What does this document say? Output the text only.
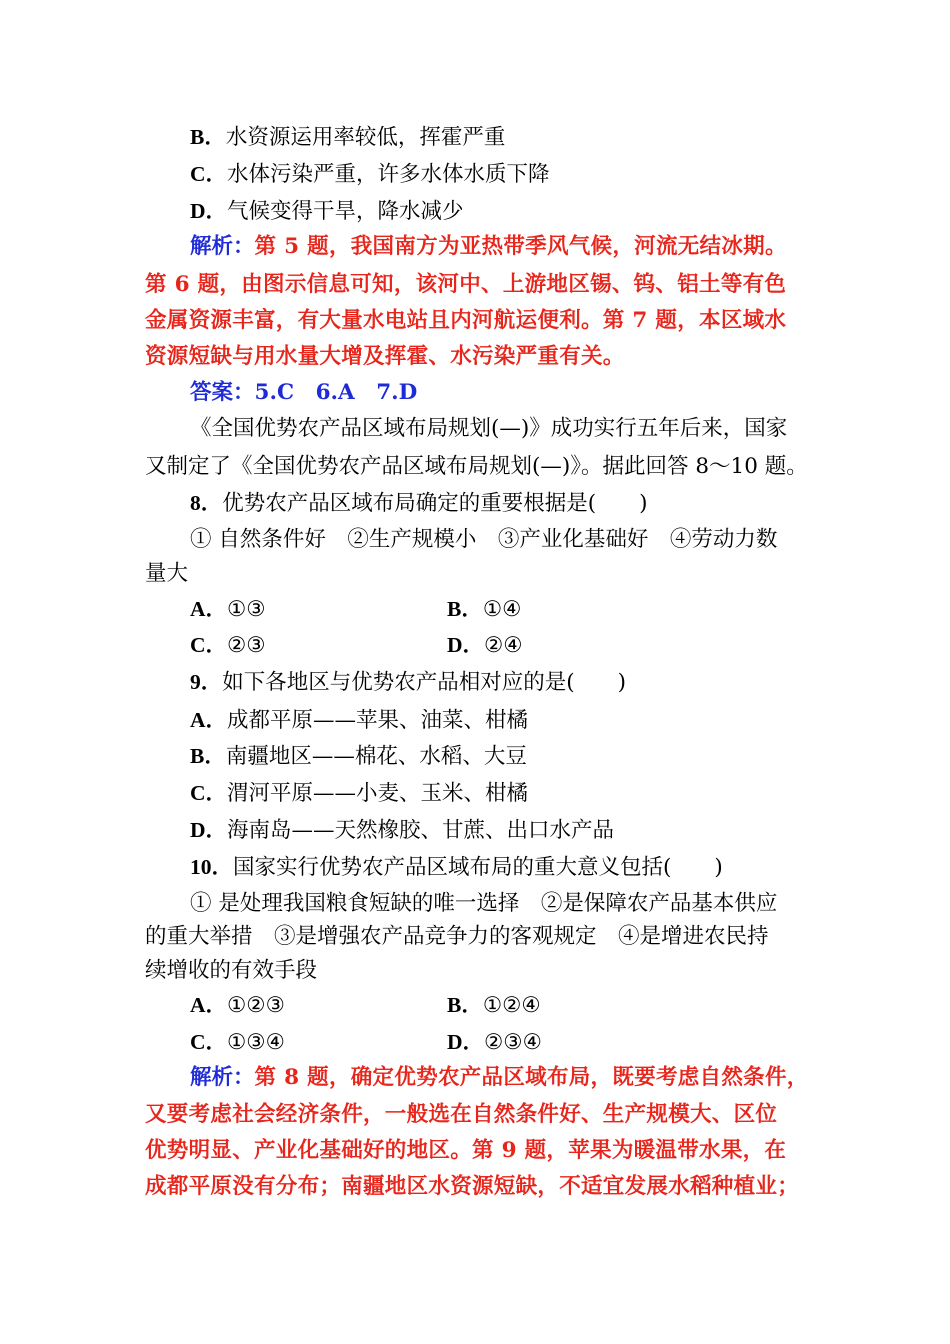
B．水资源运用率较低，挥霍严重
C．水体污染严重，许多水体水质下降
D．气候变得干旱，降水减少
解析：第 5 题，我国南方为亚热带季风气候，河流无结冰期。
第 6 题，由图示信息可知，该河中、上游地区锡、钨、铝土等有色
金属资源丰富，有大量水电站且内河航运便利。第 7 题，本区域水
资源短缺与用水量大增及挥霍、水污染严重有关。
答案：5.C　6.A　7.D
《全国优势农产品区域布局规划(—)》成功实行五年后来，国家
又制定了《全国优势农产品区域布局规划(—)》。据此回答 8～10 题。
8．优势农产品区域布局确定的重要根据是(　　)
① 自然条件好　②生产规模小　③产业化基础好　④劳动力数
量大
A．①③	B．①④
C．②③	D．②④
9．如下各地区与优势农产品相对应的是(　　)
A．成都平原——苹果、油菜、柑橘
B．南疆地区——棉花、水稻、大豆
C．渭河平原——小麦、玉米、柑橘
D．海南岛——天然橡胶、甘蔗、出口水产品
10．国家实行优势农产品区域布局的重大意义包括(　　)
① 是处理我国粮食短缺的唯一选择　②是保障农产品基本供应
的重大举措　③是增强农产品竞争力的客观规定　④是增进农民持
续增收的有效手段
A．①②③	B．①②④
C．①③④	D．②③④
解析：第 8 题，确定优势农产品区域布局，既要考虑自然条件，
又要考虑社会经济条件，一般选在自然条件好、生产规模大、区位
优势明显、产业化基础好的地区。第 9 题，苹果为暖温带水果，在
成都平原没有分布；南疆地区水资源短缺，不适宜发展水稻种植业；
